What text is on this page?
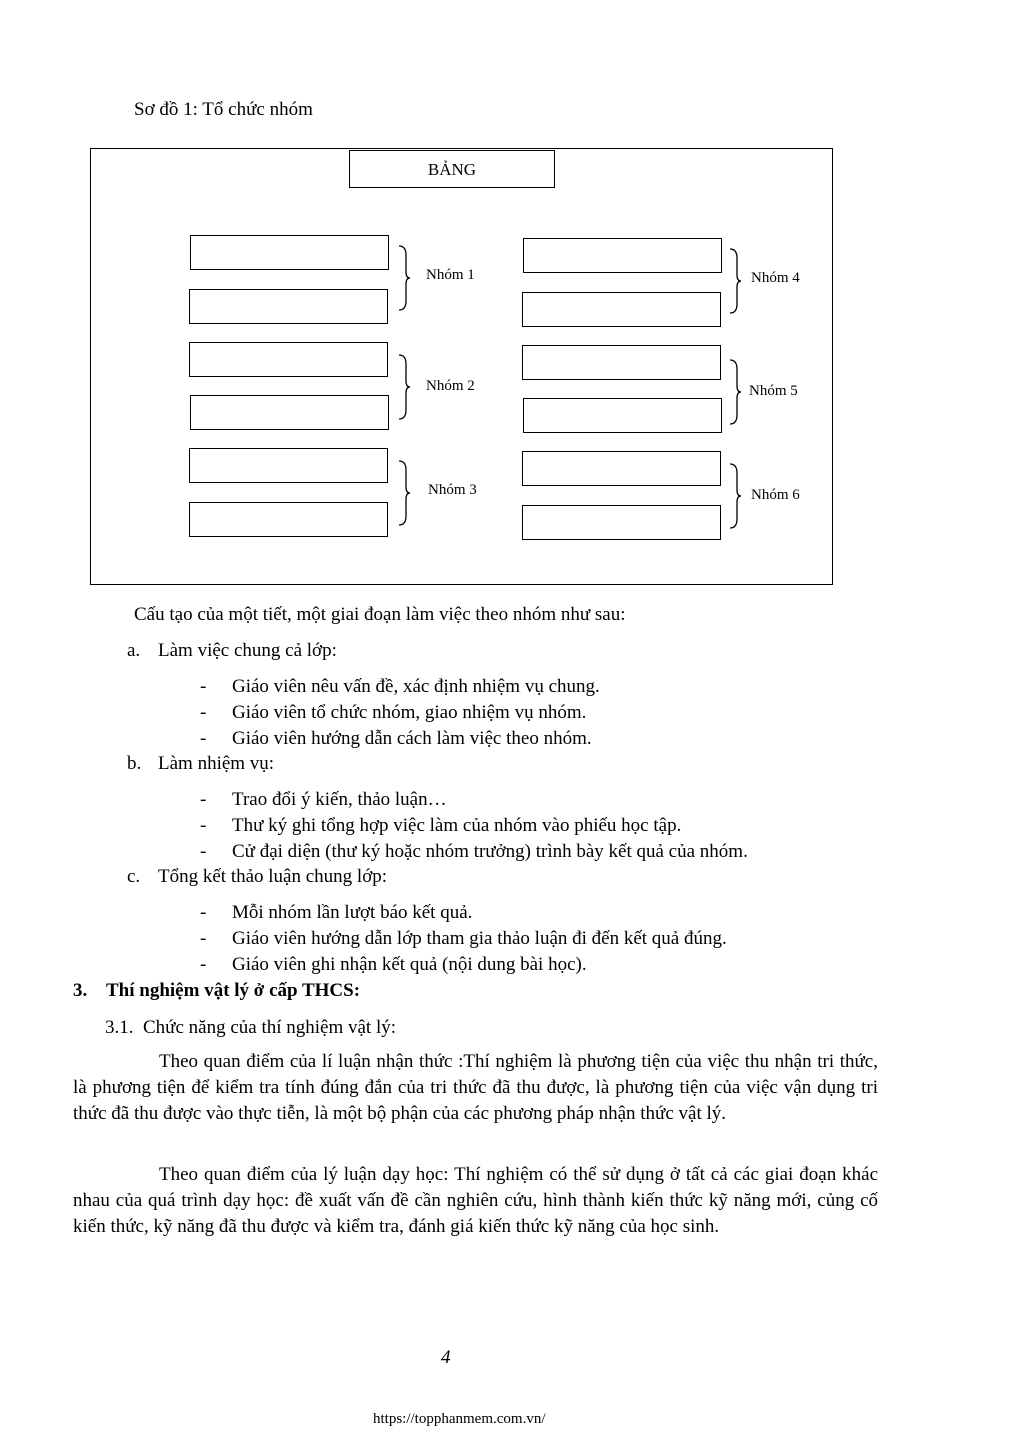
Sơ đồ 1: Tổ chức nhóm
BẢNG
Nhóm 1
Nhóm 2
Nhóm 3
Nhóm 4
Nhóm 5
Nhóm 6
Cấu tạo của một tiết, một giai đoạn làm việc theo nhóm như sau:
a. Làm việc chung cả lớp:
- Giáo viên nêu vấn đề, xác định nhiệm vụ chung.
- Giáo viên tổ chức nhóm, giao nhiệm vụ nhóm.
- Giáo viên hướng dẫn cách làm việc theo nhóm.
b. Làm nhiệm vụ:
- Trao đổi ý kiến, thảo luận…
- Thư ký ghi tổng hợp việc làm của nhóm vào phiếu học tập.
- Cử đại diện (thư ký hoặc nhóm trưởng) trình bày kết quả của nhóm.
c. Tổng kết thảo luận chung lớp:
- Mỗi nhóm lần lượt báo kết quả.
- Giáo viên hướng dẫn lớp tham gia thảo luận đi đến kết quả đúng.
- Giáo viên ghi nhận kết quả (nội dung bài học).
3. Thí nghiệm vật lý ở cấp THCS:
3.1. Chức năng của thí nghiệm vật lý:
Theo quan điểm của lí luận nhận thức :Thí nghiệm là phương tiện của việc thu nhận tri thức, là phương tiện để kiểm tra tính đúng đắn của tri thức đã thu được, là phương tiện của việc vận dụng tri thức đã thu được vào thực tiễn, là một bộ phận của các phương pháp nhận thức vật lý.
Theo quan điểm của lý luận dạy học: Thí nghiệm có thể sử dụng ở tất cả các giai đoạn khác nhau của quá trình dạy học: đề xuất vấn đề cần nghiên cứu, hình thành kiến thức kỹ năng mới, củng cố kiến thức, kỹ năng đã thu được và kiểm tra, đánh giá kiến thức kỹ năng của học sinh.
4
https://topphanmem.com.vn/
